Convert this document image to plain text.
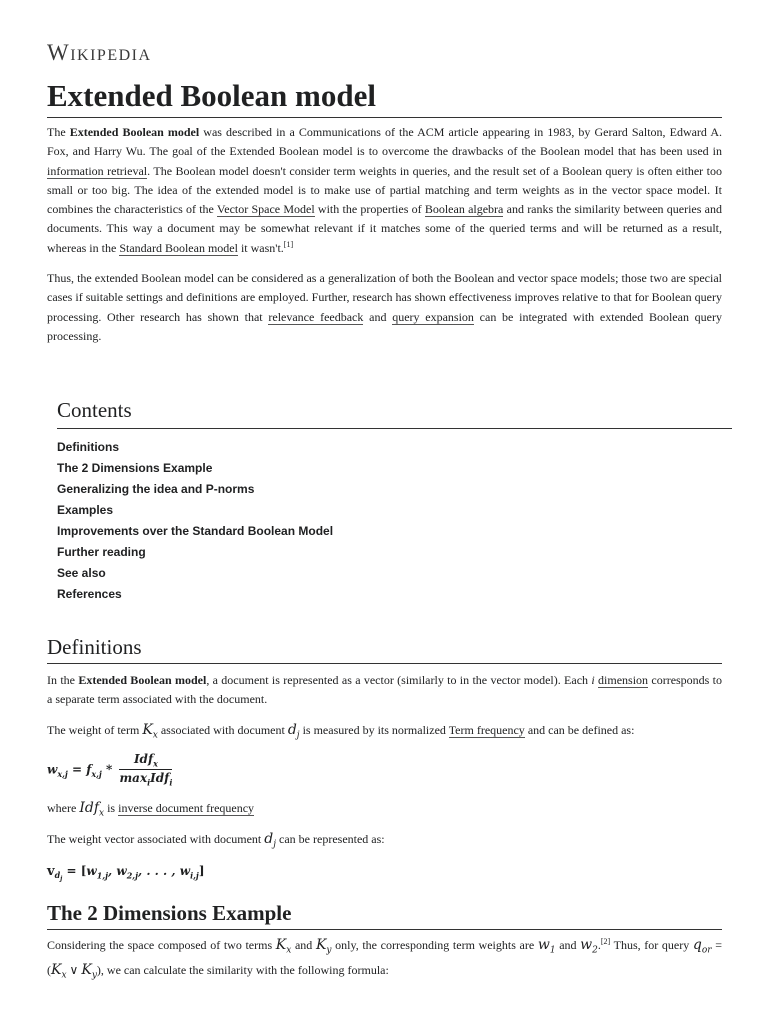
Wikipedia
Extended Boolean model

The Extended Boolean model was described in a Communications of the ACM article appearing in 1983, by Gerard Salton, Edward A. Fox, and Harry Wu. The goal of the Extended Boolean model is to overcome the drawbacks of the Boolean model that has been used in information retrieval. The Boolean model doesn't consider term weights in queries, and the result set of a Boolean query is often either too small or too big. The idea of the extended model is to make use of partial matching and term weights as in the vector space model. It combines the characteristics of the Vector Space Model with the properties of Boolean algebra and ranks the similarity between queries and documents. This way a document may be somewhat relevant if it matches some of the queried terms and will be returned as a result, whereas in the Standard Boolean model it wasn't.[1]

Thus, the extended Boolean model can be considered as a generalization of both the Boolean and vector space models; those two are special cases if suitable settings and definitions are employed. Further, research has shown effectiveness improves relative to that for Boolean query processing. Other research has shown that relevance feedback and query expansion can be integrated with extended Boolean query processing.

Contents
Definitions
The 2 Dimensions Example
Generalizing the idea and P-norms
Examples
Improvements over the Standard Boolean Model
Further reading
See also
References
Definitions

In the Extended Boolean model, a document is represented as a vector (similarly to in the vector model). Each i dimension corresponds to a separate term associated with the document.

The weight of term $K_x$ associated with document $d_j$ is measured by its normalized Term frequency and can be defined as:

$w_{x,j} = f_{x,j} * \frac{Idf_x}{\max_iIdf_i}$

where Idf$_x$ is inverse document frequency

The weight vector associated with document $d_j$ can be represented as:

$v_{d_j} = [w_{1,j}$, $w_{2,j}$, . . . , $w_{i,j}$]
The 2 Dimensions Example

Considering the space composed of two terms $K_x$ and $K_y$ only, the corresponding term weights are $w_1$ and $w_2.[2]$ Thus, for query $q_{or} = (K_x$ ∨ $K_y$), we can calculate the similarity with the following formula:
